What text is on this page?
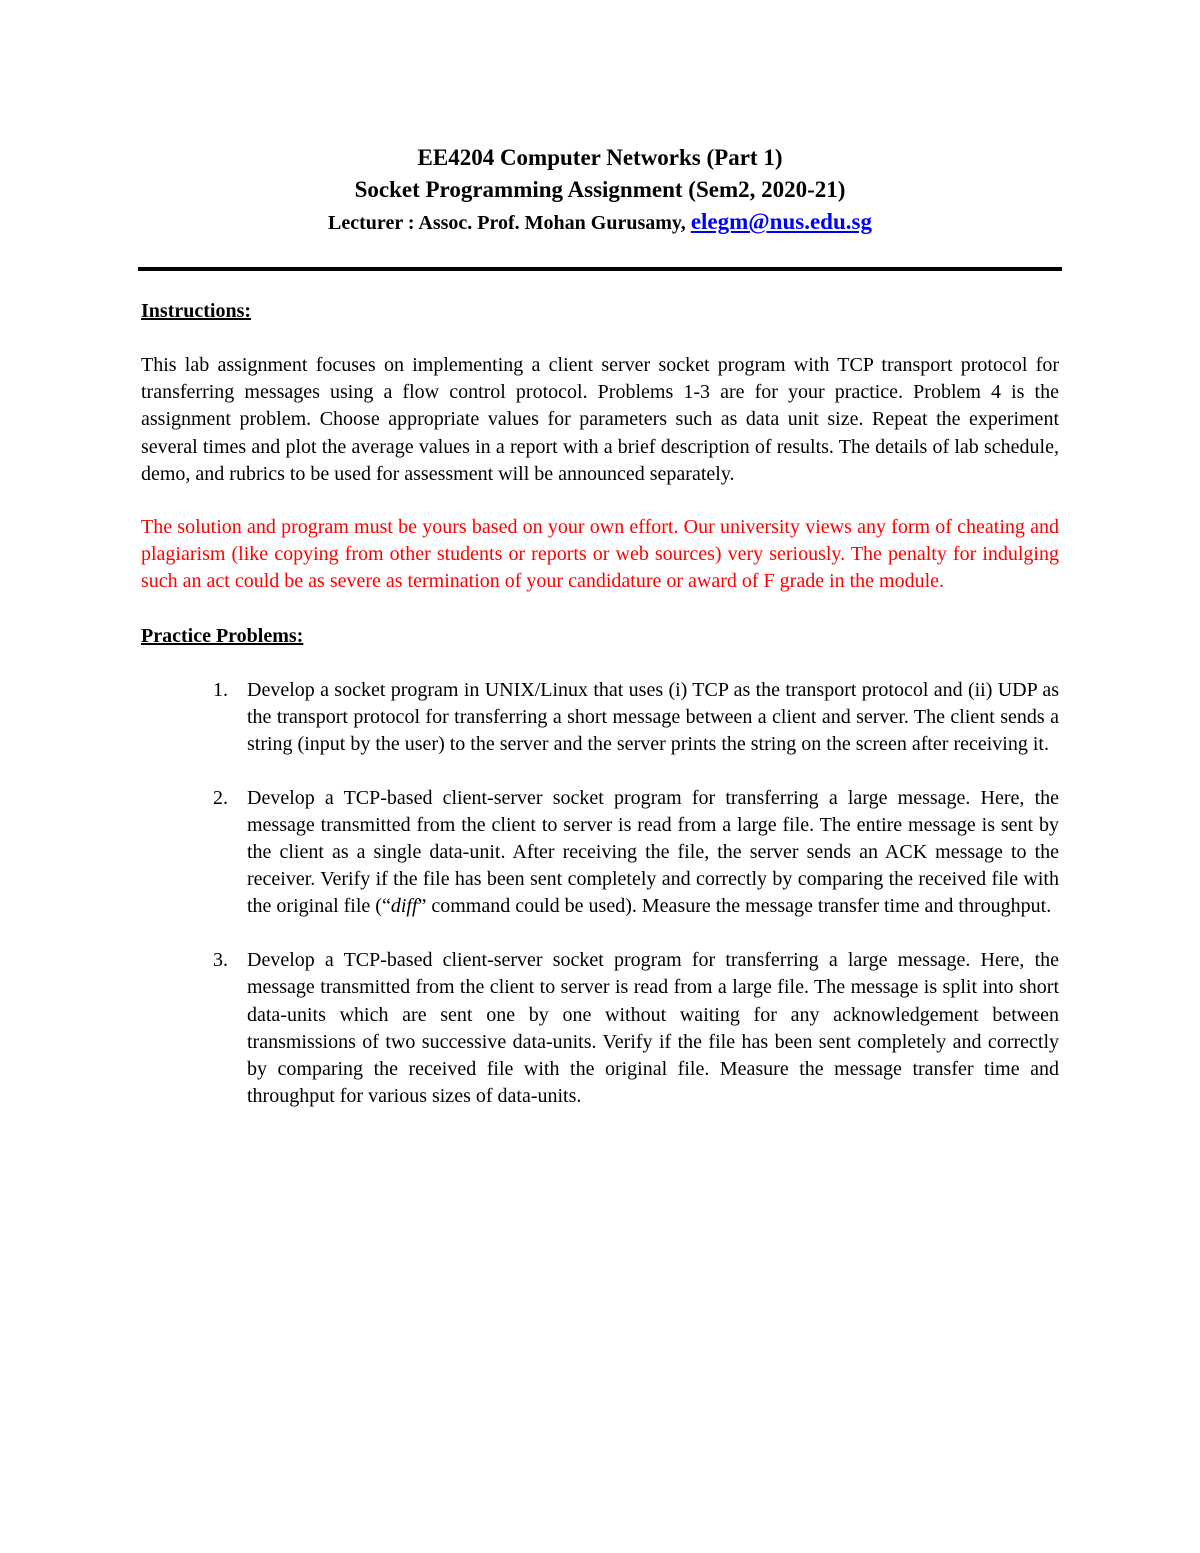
EE4204 Computer Networks (Part 1)
Socket Programming Assignment (Sem2, 2020-21)
Lecturer : Assoc. Prof. Mohan Gurusamy, elegm@nus.edu.sg

Instructions:

This lab assignment focuses on implementing a client server socket program with TCP transport protocol for transferring messages using a flow control protocol. Problems 1-3 are for your practice. Problem 4 is the assignment problem. Choose appropriate values for parameters such as data unit size. Repeat the experiment several times and plot the average values in a report with a brief description of results. The details of lab schedule, demo, and rubrics to be used for assessment will be announced separately.

The solution and program must be yours based on your own effort. Our university views any form of cheating and plagiarism (like copying from other students or reports or web sources) very seriously. The penalty for indulging such an act could be as severe as termination of your candidature or award of F grade in the module.

Practice Problems:

1. Develop a socket program in UNIX/Linux that uses (i) TCP as the transport protocol and (ii) UDP as the transport protocol for transferring a short message between a client and server. The client sends a string (input by the user) to the server and the server prints the string on the screen after receiving it.
2. Develop a TCP-based client-server socket program for transferring a large message. Here, the message transmitted from the client to server is read from a large file. The entire message is sent by the client as a single data-unit. After receiving the file, the server sends an ACK message to the receiver. Verify if the file has been sent completely and correctly by comparing the received file with the original file (“diff” command could be used). Measure the message transfer time and throughput.
3. Develop a TCP-based client-server socket program for transferring a large message. Here, the message transmitted from the client to server is read from a large file. The message is split into short data-units which are sent one by one without waiting for any acknowledgement between transmissions of two successive data-units. Verify if the file has been sent completely and correctly by comparing the received file with the original file. Measure the message transfer time and throughput for various sizes of data-units.
